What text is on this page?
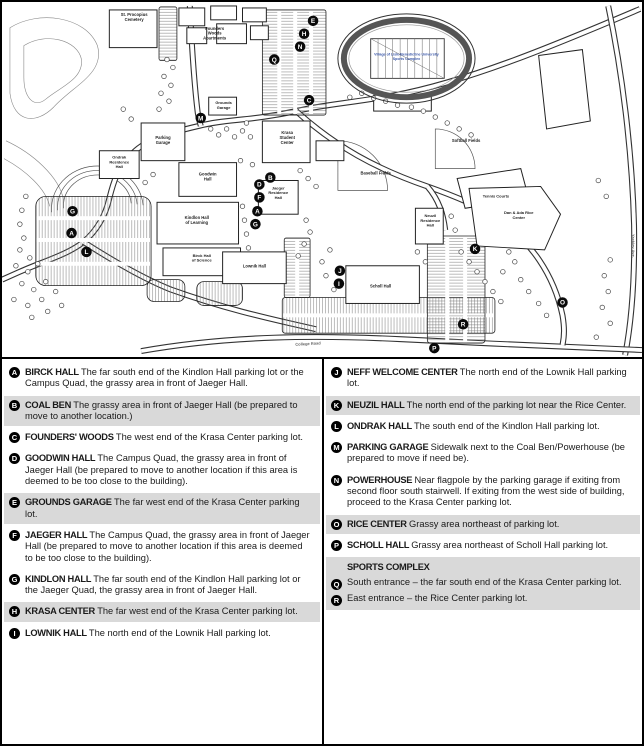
Village of Lisle-Benedictine University Sports Complex
St. Procopius Cemetery
Founders Woods Apartments
Parking Garage
Grounds Garage
Krasa Student Center
Ondrak Residence Hall
Goodwin Hall
Kindlon Hall of Learning
Birck Hall of Science
Jaeger Residence Hall
Lownik Hall
Scholl Hall
Neuzil Residence Hall
Tennis Courts
Dan & Ada Rice Center
Baseball Fields
Softball Fields
College Road
Yackley Ave.
E
H
N
Q
C
M
B
D
F
A
G
G
A
L
J
I
K
R
P
O
A BIRCK HALL The far south end of the Kindlon Hall parking lot or the Campus Quad, the grassy area in front of Jaeger Hall.
B COAL BEN The grassy area in front of Jaeger Hall (be prepared to move to another location.)
C FOUNDERS' WOODS The west end of the Krasa Center parking lot.
D GOODWIN HALL The Campus Quad, the grassy area in front of Jaeger Hall (be prepared to move to another location if this area is deemed to be too close to the building).
E GROUNDS GARAGE The far west end of the Krasa Center parking lot.
F JAEGER HALL The Campus Quad, the grassy area in front of Jaeger Hall (be prepared to move to another location if this area is deemed to be too close to the building).
G KINDLON HALL The far south end of the Kindlon Hall parking lot or the Jaeger Quad, the grassy area in front of Jaeger Hall.
H KRASA CENTER The far west end of the Krasa Center parking lot.
I	LOWNIK HALL The north end of the Lownik Hall parking lot.
J NEFF WELCOME CENTER The north end of the Lownik Hall parking lot.
K NEUZIL HALL The north end of the parking lot near the Rice Center.
L ONDRAK HALL The south end of the Kindlon Hall parking lot.
M PARKING GARAGE Sidewalk next to the Coal Ben/Powerhouse (be prepared to move if need be).
N POWERHOUSE Near flagpole by the parking garage if exiting from second floor south stairwell. If exiting from the west side of building, proceed to the Krasa Center parking lot.
O RICE CENTER Grassy area northeast of parking lot.
P SCHOLL HALL Grassy area northeast of Scholl Hall parking lot.
SPORTS COMPLEX
Q South entrance – the far south end of the Krasa Center parking lot.
R East entrance – the Rice Center parking lot.
